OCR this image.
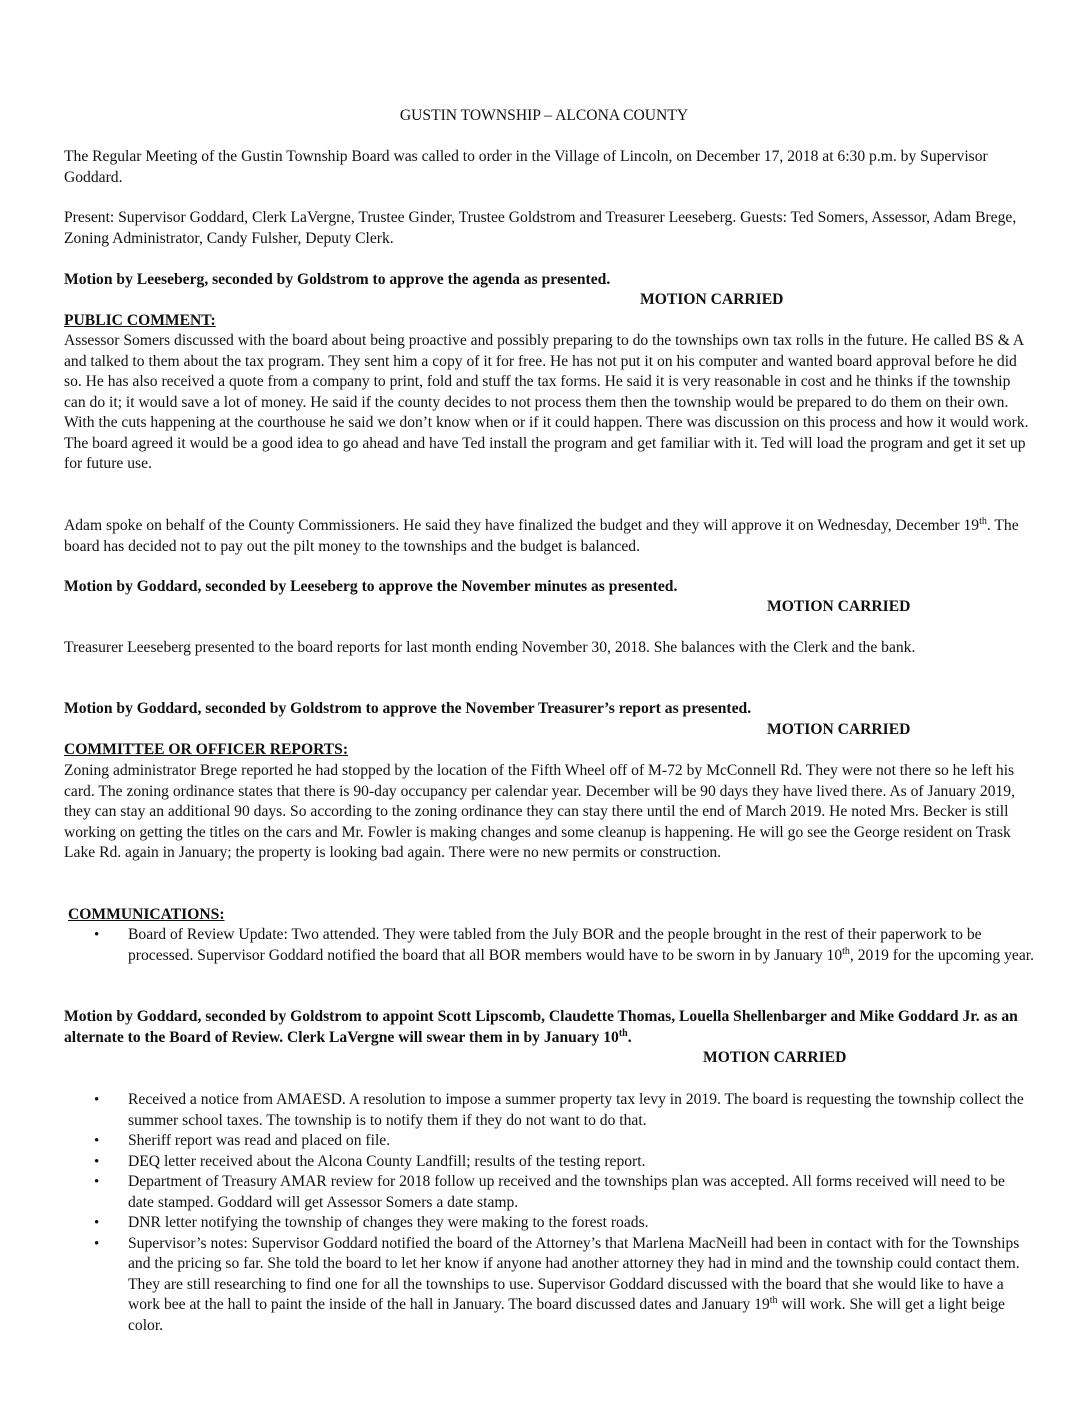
GUSTIN TOWNSHIP – ALCONA COUNTY

The Regular Meeting of the Gustin Township Board was called to order in the Village of Lincoln, on December 17, 2018 at 6:30 p.m. by Supervisor Goddard.

Present: Supervisor Goddard, Clerk LaVergne, Trustee Ginder, Trustee Goldstrom and Treasurer Leeseberg. Guests: Ted Somers, Assessor, Adam Brege, Zoning Administrator, Candy Fulsher, Deputy Clerk.

Motion by Leeseberg, seconded by Goldstrom to approve the agenda as presented.

MOTION CARRIED
PUBLIC COMMENT:

Assessor Somers discussed with the board about being proactive and possibly preparing to do the townships own tax rolls in the future. He called BS & A and talked to them about the tax program. They sent him a copy of it for free. He has not put it on his computer and wanted board approval before he did so. He has also received a quote from a company to print, fold and stuff the tax forms. He said it is very reasonable in cost and he thinks if the township can do it; it would save a lot of money. He said if the county decides to not process them then the township would be prepared to do them on their own. With the cuts happening at the courthouse he said we don’t know when or if it could happen. There was discussion on this process and how it would work. The board agreed it would be a good idea to go ahead and have Ted install the program and get familiar with it. Ted will load the program and get it set up for future use.

Adam spoke on behalf of the County Commissioners. He said they have finalized the budget and they will approve it on Wednesday, December 19th. The board has decided not to pay out the pilt money to the townships and the budget is balanced.

Motion by Goddard, seconded by Leeseberg to approve the November minutes as presented.

MOTION CARRIED

Treasurer Leeseberg presented to the board reports for last month ending November 30, 2018. She balances with the Clerk and the bank.

Motion by Goddard, seconded by Goldstrom to approve the November Treasurer’s report as presented.

MOTION CARRIED
COMMITTEE OR OFFICER REPORTS:

Zoning administrator Brege reported he had stopped by the location of the Fifth Wheel off of M-72 by McConnell Rd. They were not there so he left his card. The zoning ordinance states that there is 90-day occupancy per calendar year. December will be 90 days they have lived there. As of January 2019, they can stay an additional 90 days. So according to the zoning ordinance they can stay there until the end of March 2019. He noted Mrs. Becker is still working on getting the titles on the cars and Mr. Fowler is making changes and some cleanup is happening. He will go see the George resident on Trask Lake Rd. again in January; the property is looking bad again. There were no new permits or construction.

COMMUNICATIONS:
• Board of Review Update: Two attended. They were tabled from the July BOR and the people brought in the rest of their paperwork to be processed. Supervisor Goddard notified the board that all BOR members would have to be sworn in by January 10th, 2019 for the upcoming year.

Motion by Goddard, seconded by Goldstrom to appoint Scott Lipscomb, Claudette Thomas, Louella Shellenbarger and Mike Goddard Jr. as an alternate to the Board of Review. Clerk LaVergne will swear them in by January 10th.

MOTION CARRIED
• Received a notice from AMAESD. A resolution to impose a summer property tax levy in 2019. The board is requesting the township collect the summer school taxes. The township is to notify them if they do not want to do that.
• Sheriff report was read and placed on file.
• DEQ letter received about the Alcona County Landfill; results of the testing report.
• Department of Treasury AMAR review for 2018 follow up received and the townships plan was accepted. All forms received will need to be date stamped. Goddard will get Assessor Somers a date stamp.
• DNR letter notifying the township of changes they were making to the forest roads.
• Supervisor’s notes: Supervisor Goddard notified the board of the Attorney’s that Marlena MacNeill had been in contact with for the Townships and the pricing so far. She told the board to let her know if anyone had another attorney they had in mind and the township could contact them. They are still researching to find one for all the townships to use. Supervisor Goddard discussed with the board that she would like to have a work bee at the hall to paint the inside of the hall in January. The board discussed dates and January 19th will work. She will get a light beige color.
